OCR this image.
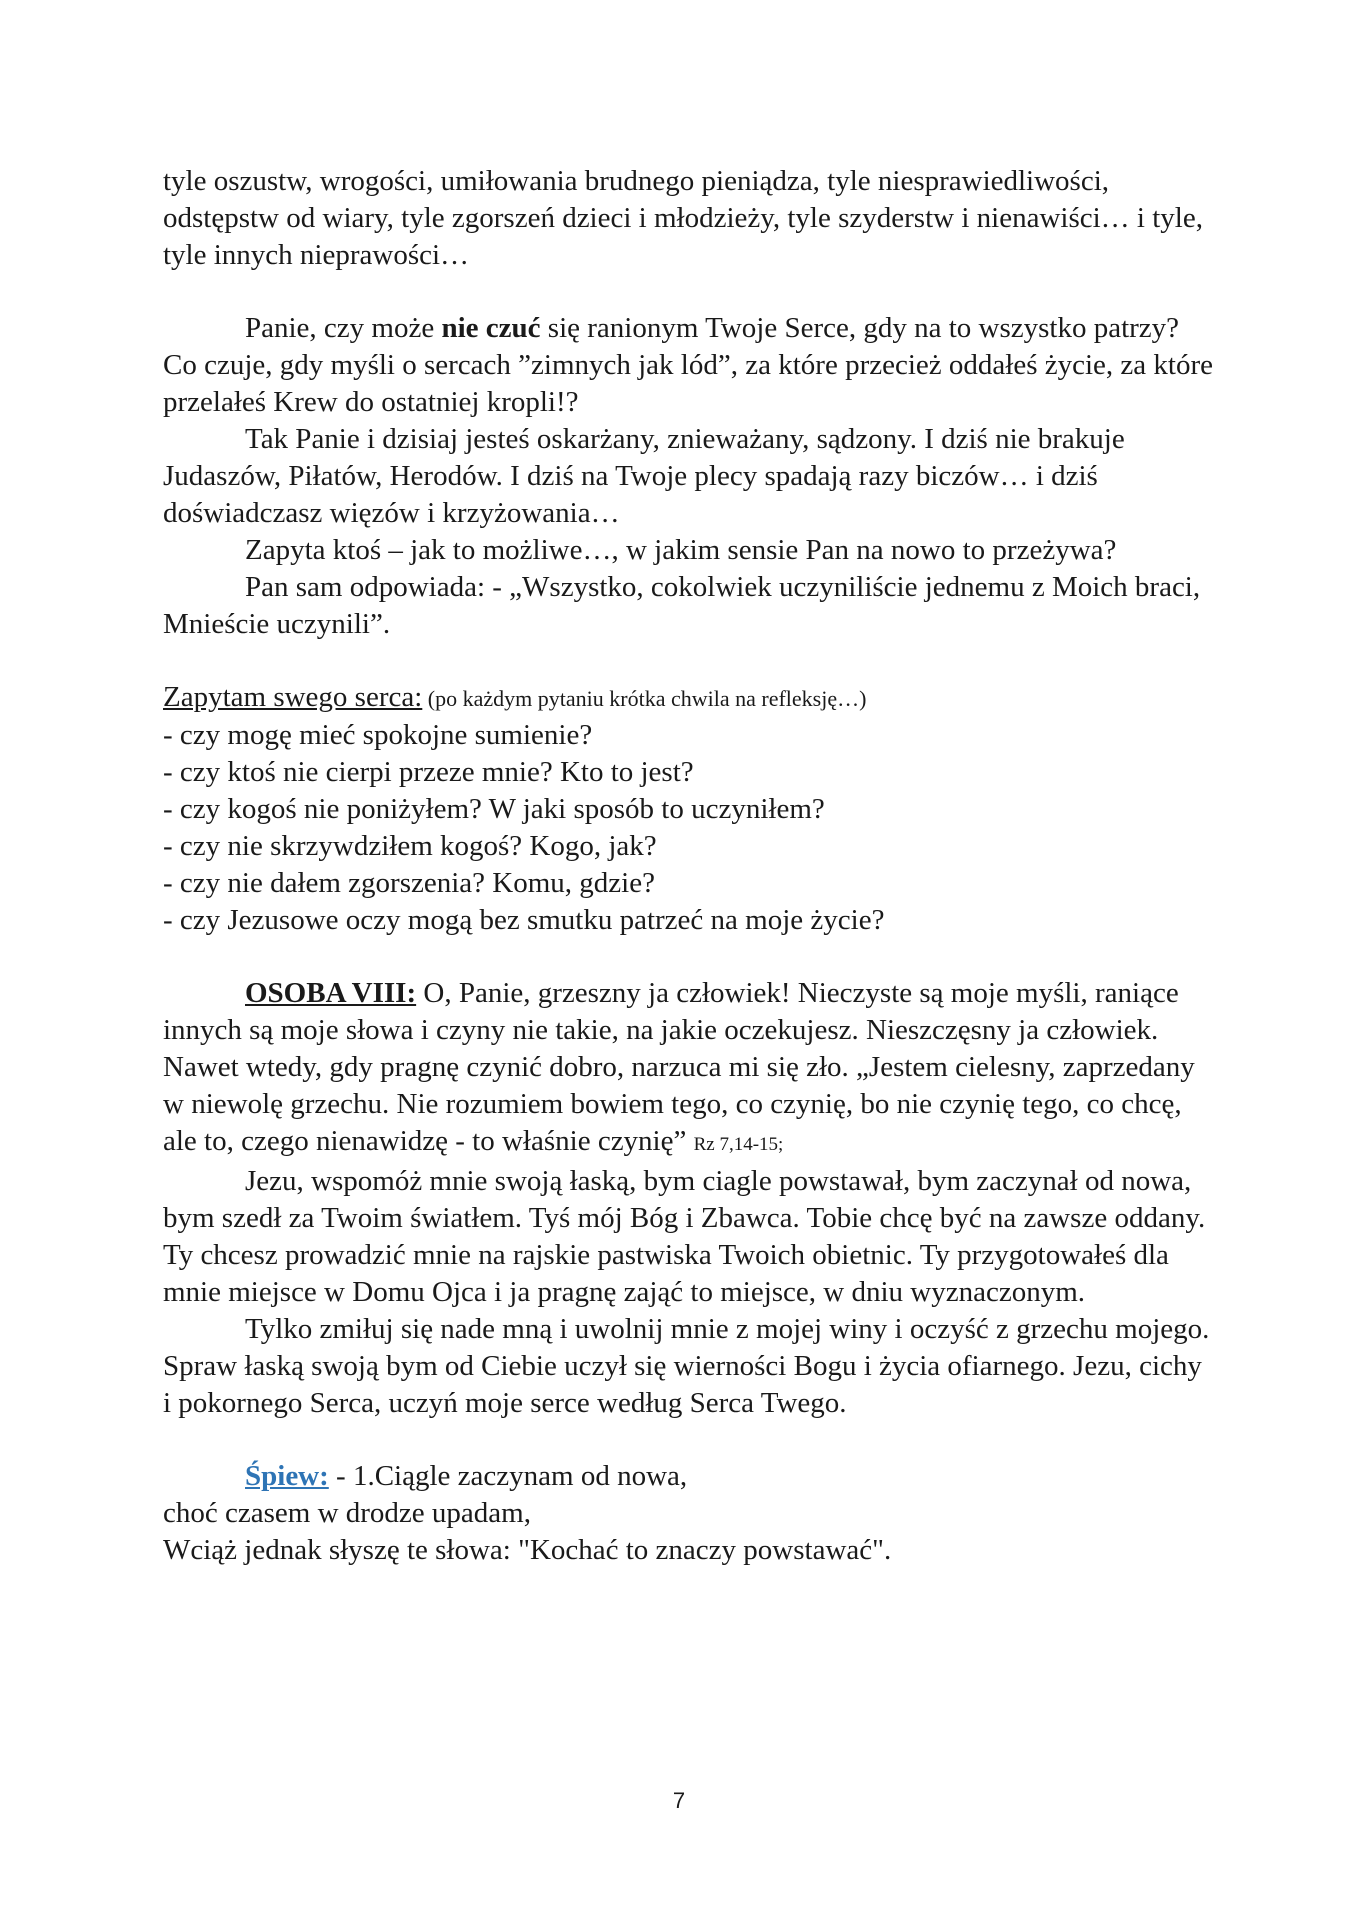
tyle oszustw, wrogości, umiłowania brudnego pieniądza, tyle niesprawiedliwości, odstępstw od wiary, tyle zgorszeń dzieci i młodzieży, tyle szyderstw i nienawiści… i tyle, tyle innych nieprawości…

Panie, czy może nie czuć się ranionym Twoje Serce, gdy na to wszystko patrzy? Co czuje, gdy myśli o sercach ”zimnych jak lód”, za które przecież oddałeś życie, za które przelałeś Krew do ostatniej kropli!?

Tak Panie i dzisiaj jesteś oskarżany, znieważany, sądzony. I dziś nie brakuje Judaszów, Piłatów, Herodów. I dziś na Twoje plecy spadają razy biczów… i dziś doświadczasz więzów i krzyżowania…

Zapyta ktoś – jak to możliwe…, w jakim sensie Pan na nowo to przeżywa?

Pan sam odpowiada: - „Wszystko, cokolwiek uczyniliście jednemu z Moich braci, Mnieście uczynili”.

Zapytam swego serca: (po każdym pytaniu krótka chwila na refleksję…)

- czy mogę mieć spokojne sumienie?

- czy ktoś nie cierpi przeze mnie? Kto to jest?

- czy kogoś nie poniżyłem? W jaki sposób to uczyniłem?

- czy nie skrzywdziłem kogoś? Kogo, jak?

- czy nie dałem zgorszenia? Komu, gdzie?

- czy Jezusowe oczy mogą bez smutku patrzeć na moje życie?

OSOBA VIII: O, Panie, grzeszny ja człowiek! Nieczyste są moje myśli, raniące innych są moje słowa i czyny nie takie, na jakie oczekujesz. Nieszczęsny ja człowiek. Nawet wtedy, gdy pragnę czynić dobro, narzuca mi się zło. „Jestem cielesny, zaprzedany w niewolę grzechu. Nie rozumiem bowiem tego, co czynię, bo nie czynię tego, co chcę, ale to, czego nienawidzę - to właśnie czynię” Rz 7,14-15;

Jezu, wspomóż mnie swoją łaską, bym ciagle powstawał, bym zaczynał od nowa, bym szedł za Twoim światłem. Tyś mój Bóg i Zbawca. Tobie chcę być na zawsze oddany. Ty chcesz prowadzić mnie na rajskie pastwiska Twoich obietnic. Ty przygotowałeś dla mnie miejsce w Domu Ojca i ja pragnę zająć to miejsce, w dniu wyznaczonym.

Tylko zmiłuj się nade mną i uwolnij mnie z mojej winy i oczyść z grzechu mojego. Spraw łaską swoją bym od Ciebie uczył się wierności Bogu i życia ofiarnego. Jezu, cichy i pokornego Serca, uczyń moje serce według Serca Twego.

Śpiew: - 1.Ciągle zaczynam od nowa,

choć czasem w drodze upadam,

Wciąż jednak słyszę te słowa: "Kochać to znaczy powstawać".

7
